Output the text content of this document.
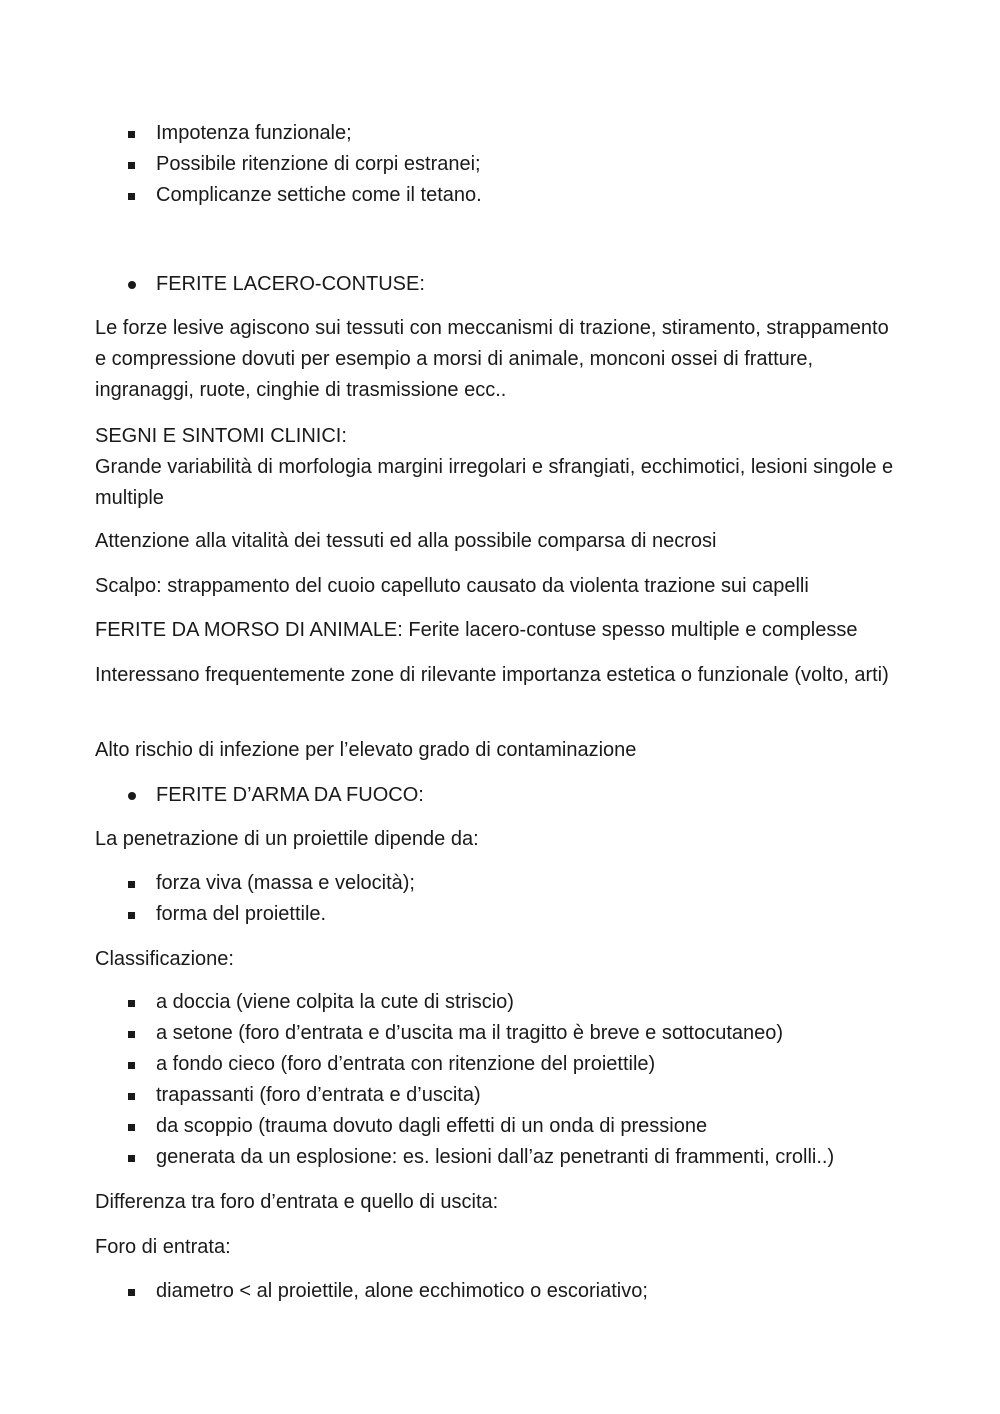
Impotenza funzionale;
Possibile ritenzione di corpi estranei;
Complicanze settiche come il tetano.
FERITE LACERO-CONTUSE:

Le forze lesive agiscono sui tessuti con meccanismi di trazione, stiramento, strappamento e compressione dovuti per esempio a morsi di animale, monconi ossei di fratture, ingranaggi, ruote, cinghie di trasmissione ecc..

SEGNI E SINTOMI CLINICI:

Grande variabilità di morfologia margini irregolari e sfrangiati, ecchimotici, lesioni singole e multiple

Attenzione alla vitalità dei tessuti ed alla possibile comparsa di necrosi

Scalpo: strappamento del cuoio capelluto causato da violenta trazione sui capelli

FERITE DA MORSO DI ANIMALE: Ferite lacero-contuse spesso multiple e complesse

Interessano frequentemente zone di rilevante importanza estetica o funzionale (volto, arti)

Alto rischio di infezione per l’elevato grado di contaminazione

FERITE D’ARMA DA FUOCO:

La penetrazione di un proiettile dipende da:

forza viva (massa e velocità);
forma del proiettile.

Classificazione:

a doccia (viene colpita la cute di striscio)
a setone (foro d’entrata e d’uscita ma il tragitto è breve e sottocutaneo)
a fondo cieco (foro d’entrata con ritenzione del proiettile)
trapassanti (foro d’entrata e d’uscita)
da scoppio (trauma dovuto dagli effetti di un onda di pressione
generata da un esplosione: es. lesioni dall’az penetranti di frammenti, crolli..)

Differenza tra foro d’entrata e quello di uscita:

Foro di entrata:

diametro < al proiettile, alone ecchimotico o escoriativo;
